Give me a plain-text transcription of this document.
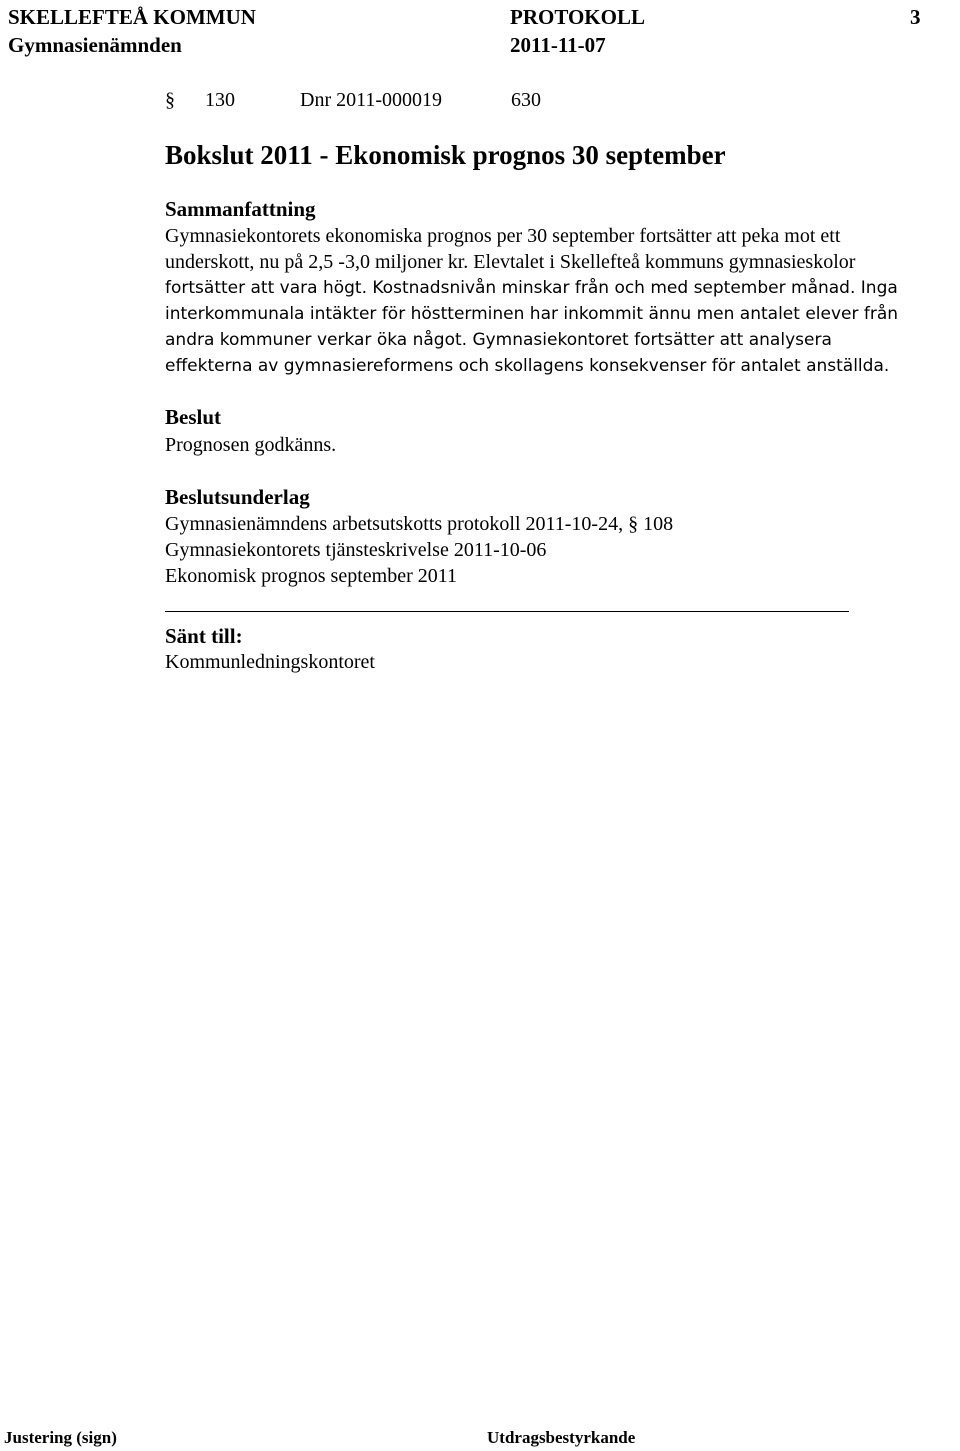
SKELLEFTEÅ KOMMUN	PROTOKOLL	3
Gymnasienämnden	2011-11-07
§ 130	Dnr 2011-000019	630
Bokslut 2011 - Ekonomisk prognos 30 september
Sammanfattning

Gymnasiekontorets ekonomiska prognos per 30 september fortsätter att peka mot ett

underskott, nu på 2,5 -3,0 miljoner kr. Elevtalet i Skellefteå kommuns gymnasieskolor

fortsätter att vara högt. Kostnadsnivån minskar från och med september månad. Inga

interkommunala intäkter för höstterminen har inkommit ännu men antalet elever från

andra kommuner verkar öka något. Gymnasiekontoret fortsätter att analysera

effekterna av gymnasiereformens och skollagens konsekvenser för antalet anställda.

Beslut
Prognosen godkänns.
Beslutsunderlag
Gymnasienämndens arbetsutskotts protokoll 2011-10-24, § 108
Gymnasiekontorets tjänsteskrivelse 2011-10-06
Ekonomisk prognos september 2011
Sänt till:
Kommunledningskontoret
Justering (sign)	Utdragsbestyrkande
